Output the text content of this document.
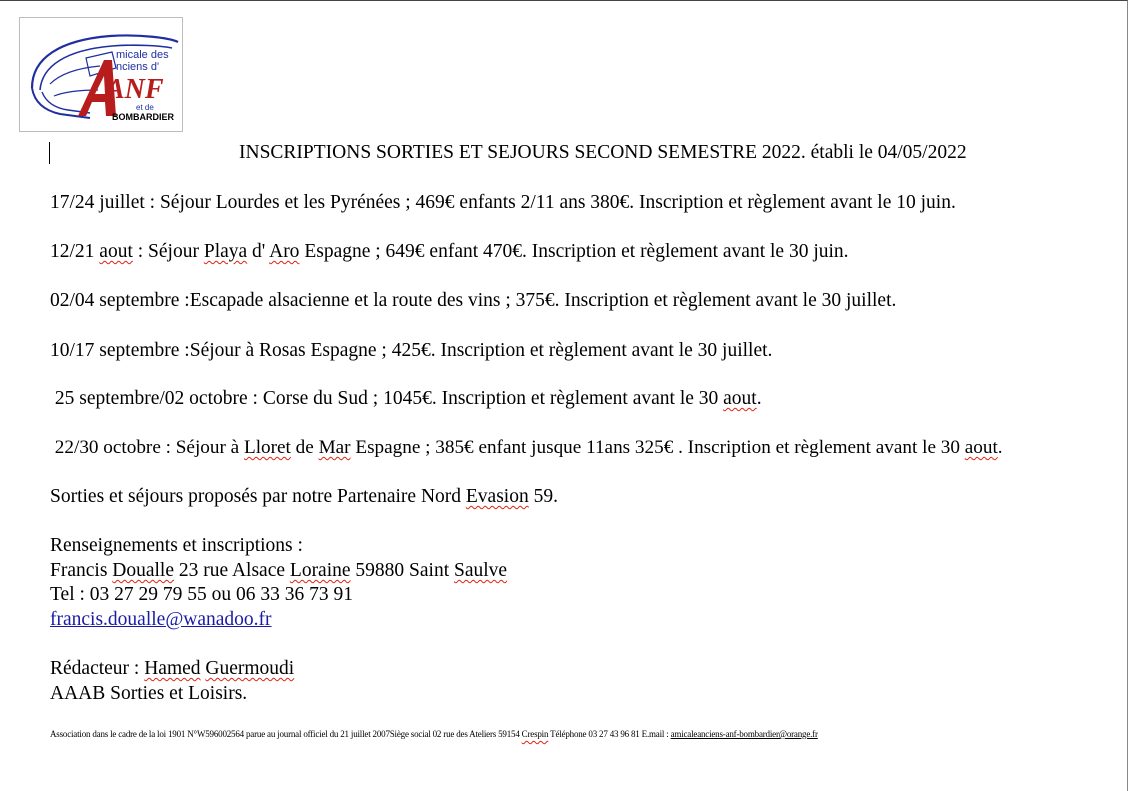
micale des
nciens d'
ANF
et de
BOMBARDIER
INSCRIPTIONS SORTIES ET SEJOURS SECOND SEMESTRE 2022. établi le 04/05/2022
17/24 juillet : Séjour Lourdes et les Pyrénées ; 469€ enfants 2/11 ans 380€. Inscription et règlement avant le 10 juin.
12/21 aout : Séjour Playa d' Aro Espagne ; 649€ enfant 470€. Inscription et règlement avant le 30 juin.
02/04 septembre :Escapade alsacienne et la route des vins ; 375€. Inscription et règlement avant le 30 juillet.
10/17 septembre :Séjour à Rosas Espagne ; 425€. Inscription et règlement avant le 30 juillet.
25 septembre/02 octobre : Corse du Sud ; 1045€. Inscription et règlement avant le 30 aout.
22/30 octobre : Séjour à Lloret de Mar Espagne ; 385€ enfant jusque 11ans 325€ . Inscription et règlement avant le 30 aout.
Sorties et séjours proposés par notre Partenaire Nord Evasion 59.
Renseignements et inscriptions :
Francis Doualle 23 rue Alsace Loraine 59880 Saint Saulve
Tel : 03 27 29 79 55 ou 06 33 36 73 91
francis.doualle@wanadoo.fr
Rédacteur : Hamed Guermoudi
AAAB Sorties et Loisirs.
Association dans le cadre de la loi 1901 N°W596002564 parue au journal officiel du 21 juillet 2007Siège social 02 rue des Ateliers 59154 Crespin Téléphone 03 27 43 96 81 E.mail : amicaleanciens-anf-bombardier@orange.fr
